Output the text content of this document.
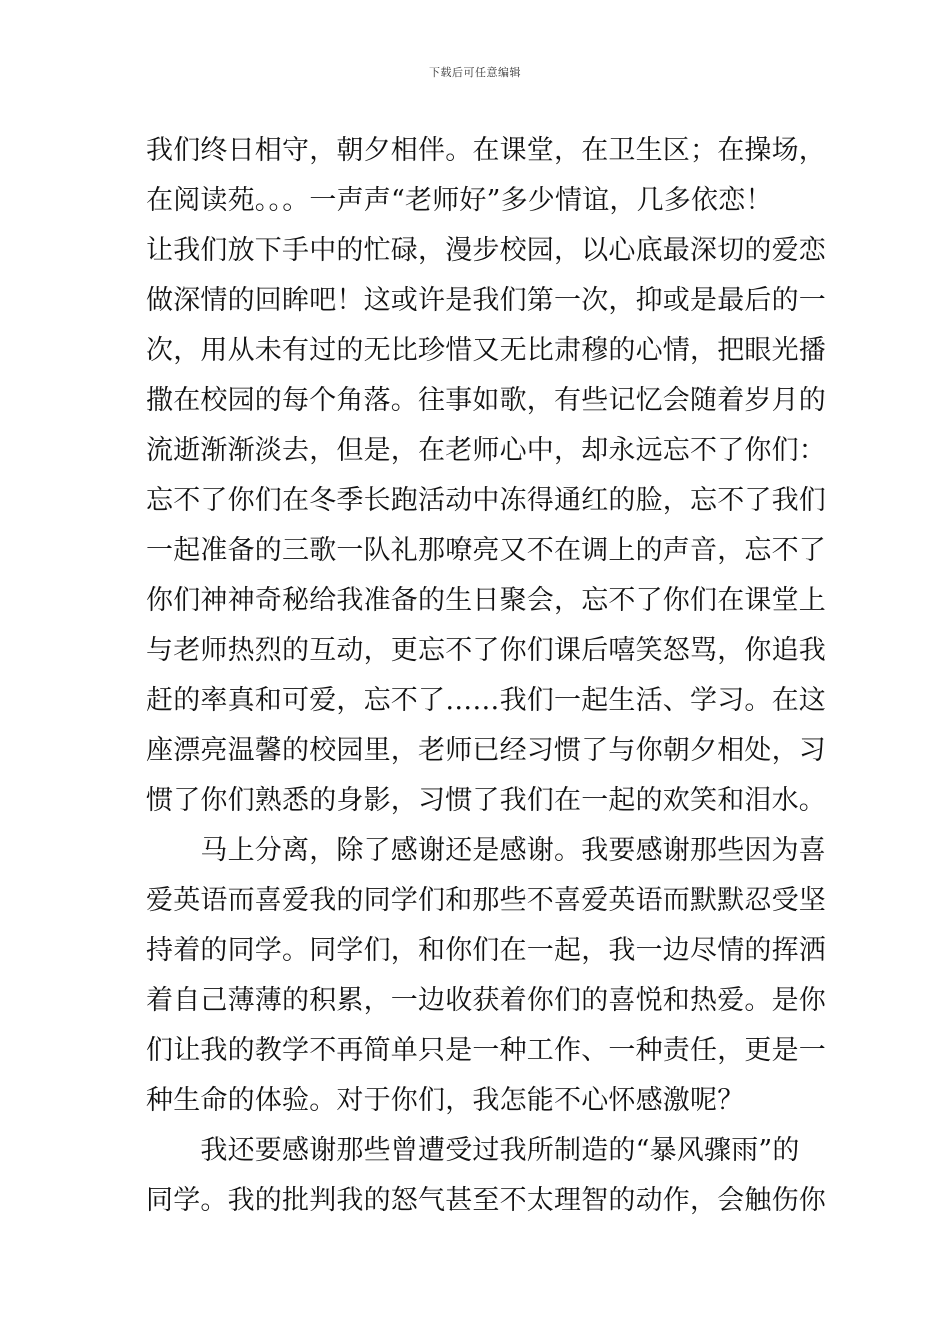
下载后可任意编辑
我们终日相守，朝夕相伴。在课堂，在卫生区；在操场，
在阅读苑。。。一声声“老师好”多少情谊，几多依恋！
让我们放下手中的忙碌，漫步校园，以心底最深切的爱恋
做深情的回眸吧！这或许是我们第一次，抑或是最后的一
次，用从未有过的无比珍惜又无比肃穆的心情，把眼光播
撒在校园的每个角落。往事如歌，有些记忆会随着岁月的
流逝渐渐淡去，但是，在老师心中，却永远忘不了你们：
忘不了你们在冬季长跑活动中冻得通红的脸，忘不了我们
一起准备的三歌一队礼那嘹亮又不在调上的声音，忘不了
你们神神奇秘给我准备的生日聚会，忘不了你们在课堂上
与老师热烈的互动，更忘不了你们课后嘻笑怒骂，你追我
赶的率真和可爱，忘不了……我们一起生活、学习。在这
座漂亮温馨的校园里，老师已经习惯了与你朝夕相处，习
惯了你们熟悉的身影，习惯了我们在一起的欢笑和泪水。
　　马上分离，除了感谢还是感谢。我要感谢那些因为喜
爱英语而喜爱我的同学们和那些不喜爱英语而默默忍受坚
持着的同学。同学们，和你们在一起，我一边尽情的挥洒
着自己薄薄的积累，一边收获着你们的喜悦和热爱。是你
们让我的教学不再简单只是一种工作、一种责任，更是一
种生命的体验。对于你们，我怎能不心怀感激呢？
　　我还要感谢那些曾遭受过我所制造的“暴风骤雨”的
同学。我的批判我的怒气甚至不太理智的动作，会触伤你
